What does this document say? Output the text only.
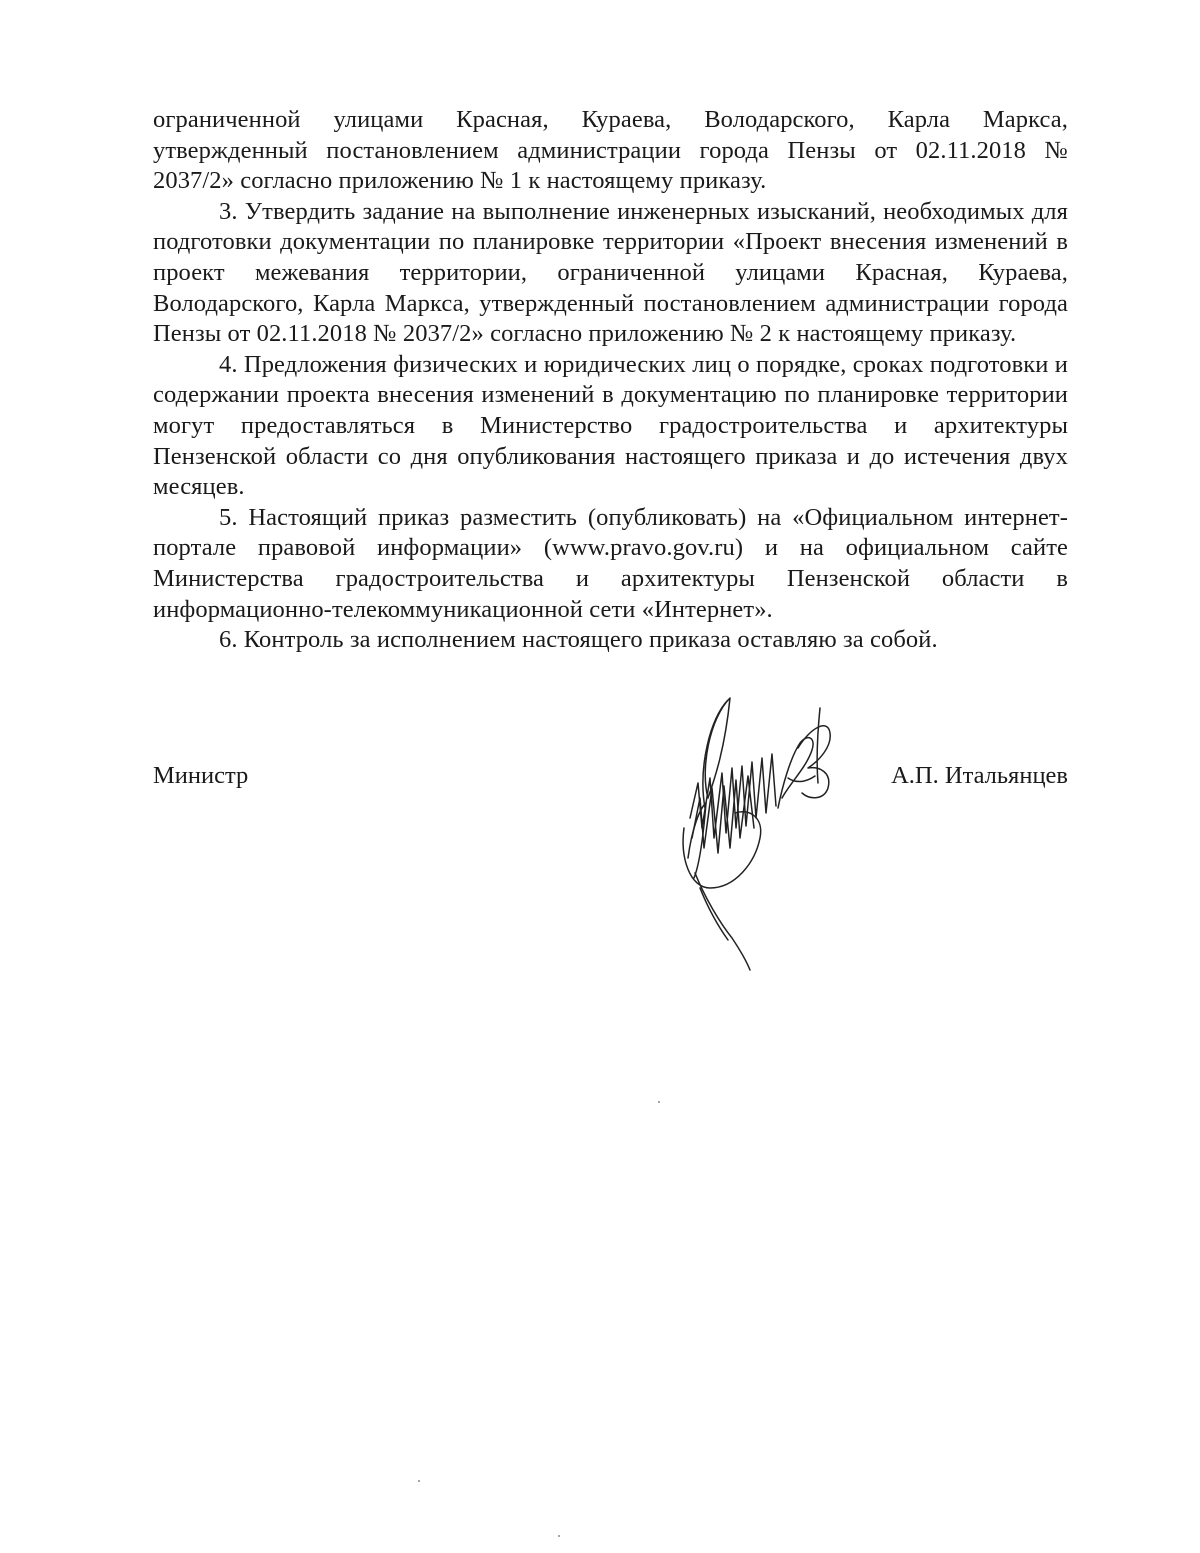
ограниченной улицами Красная, Кураева, Володарского, Карла Маркса, утвержденный постановлением администрации города Пензы от 02.11.2018 № 2037/2» согласно приложению № 1 к настоящему приказу.

3. Утвердить задание на выполнение инженерных изысканий, необходимых для подготовки документации по планировке территории «Проект внесения изменений в проект межевания территории, ограниченной улицами Красная, Кураева, Володарского, Карла Маркса, утвержденный постановлением администрации города Пензы от 02.11.2018 № 2037/2» согласно приложению № 2 к настоящему приказу.

4. Предложения физических и юридических лиц о порядке, сроках подготовки и содержании проекта внесения изменений в документацию по планировке территории могут предоставляться в Министерство градостроительства и архитектуры Пензенской области со дня опубликования настоящего приказа и до истечения двух месяцев.

5. Настоящий приказ разместить (опубликовать) на «Официальном интернет-портале правовой информации» (www.pravo.gov.ru) и на официальном сайте Министерства градостроительства и архитектуры Пензенской области в информационно-телекоммуникационной сети «Интернет».

6. Контроль за исполнением настоящего приказа оставляю за собой.

Министр	А.П. Итальянцев
